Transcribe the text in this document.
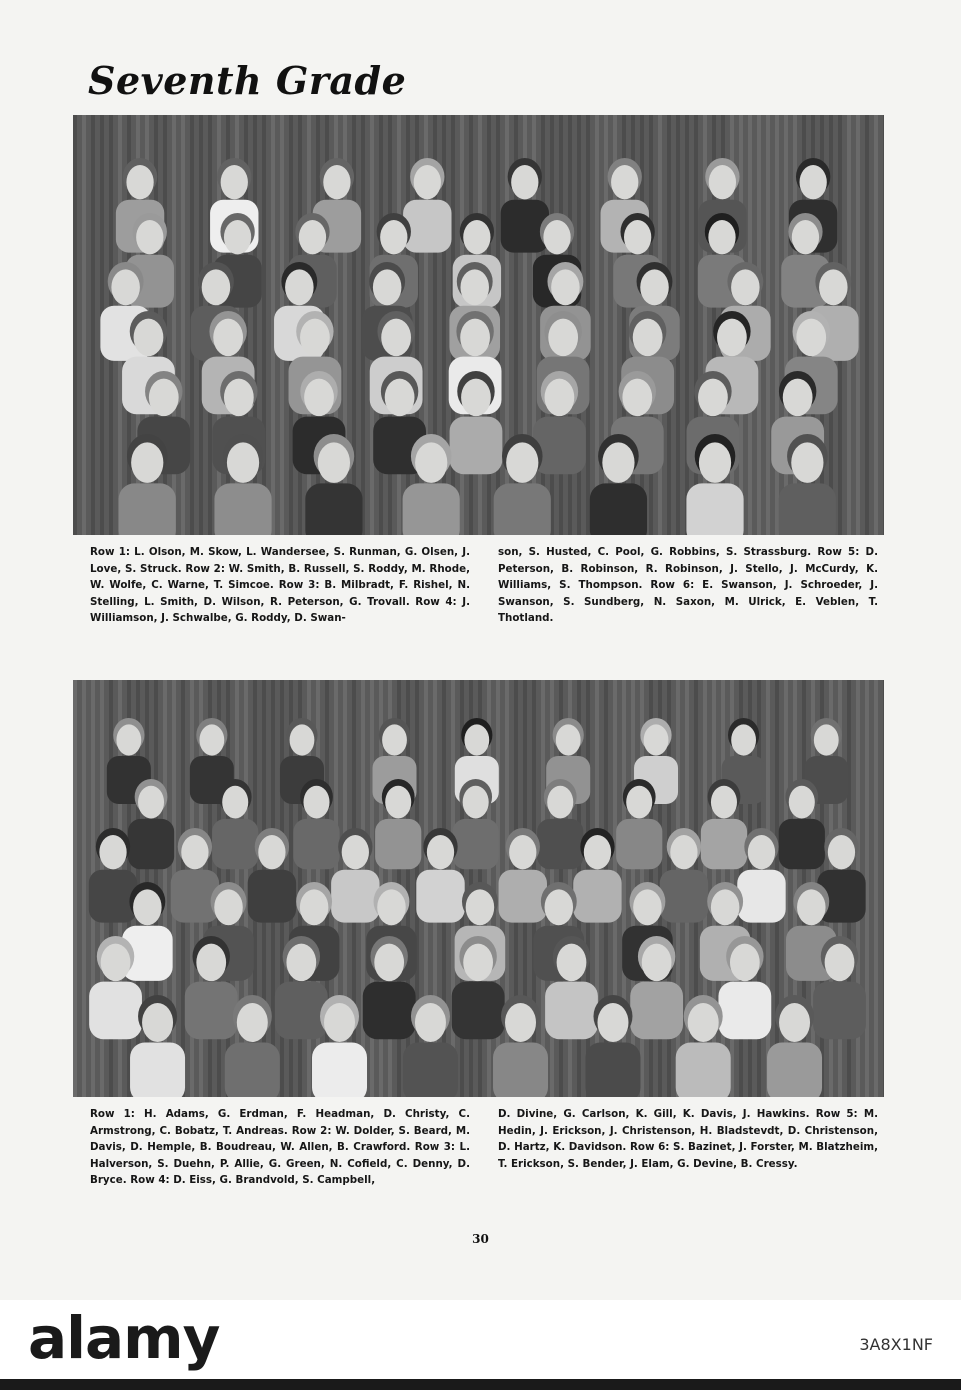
Seventh Grade

Row 1: L. Olson, M. Skow, L. Wandersee, S. Runman, G. Olsen, J. Love, S. Struck. Row 2: W. Smith, B. Russell, S. Roddy, M. Rhode, W. Wolfe, C. Warne, T. Simcoe. Row 3: B. Milbradt, F. Rishel, N. Stelling, L. Smith, D. Wilson, R. Peterson, G. Trovall. Row 4: J. Williamson, J. Schwalbe, G. Roddy, D. Swan-

son, S. Husted, C. Pool, G. Robbins, S. Strassburg. Row 5: D. Peterson, B. Robinson, R. Robinson, J. Stello, J. McCurdy, K. Williams, S. Thompson. Row 6: E. Swanson, J. Schroeder, J. Swanson, S. Sundberg, N. Saxon, M. Ulrick, E. Veblen, T. Thotland.

Row 1: H. Adams, G. Erdman, F. Headman, D. Christy, C. Armstrong, C. Bobatz, T. Andreas. Row 2: W. Dolder, S. Beard, M. Davis, D. Hemple, B. Boudreau, W. Allen, B. Crawford. Row 3: L. Halverson, S. Duehn, P. Allie, G. Green, N. Cofield, C. Denny, D. Bryce. Row 4: D. Eiss, G. Brandvold, S. Campbell,

D. Divine, G. Carlson, K. Gill, K. Davis, J. Hawkins. Row 5: M. Hedin, J. Erickson, J. Christenson, H. Bladstevdt, D. Christenson, D. Hartz, K. Davidson. Row 6: S. Bazinet, J. Forster, M. Blatzheim, T. Erickson, S. Bender, J. Elam, G. Devine, B. Cressy.

30
alamy	3A8X1NF
